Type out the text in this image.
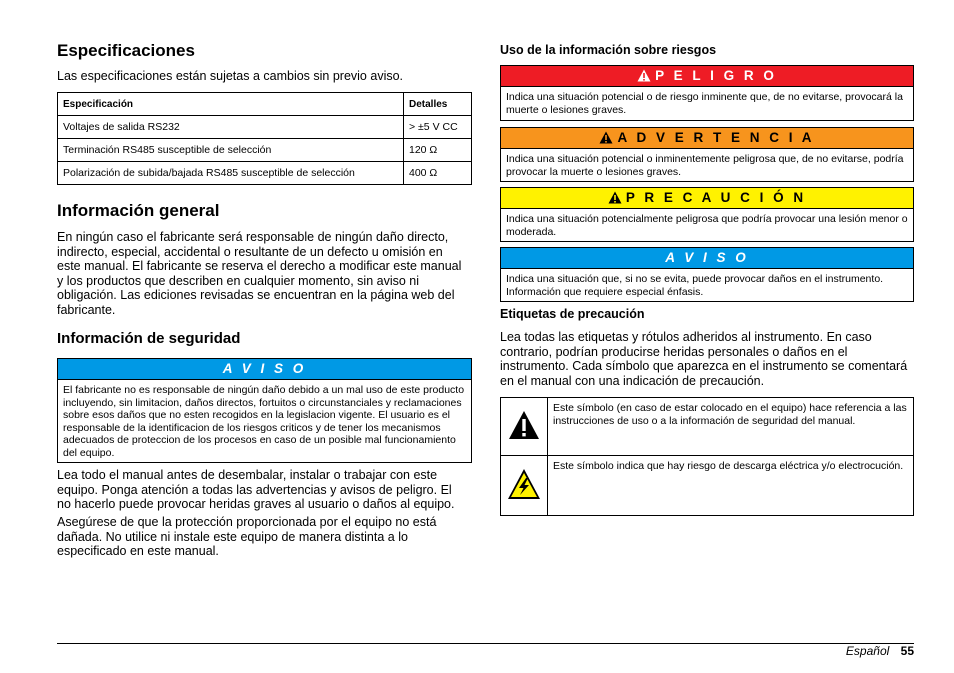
Especificaciones

Las especificaciones están sujetas a cambios sin previo aviso.

Especificación	Detalles
Voltajes de salida RS232	> ±5 V CC
Terminación RS485 susceptible de selección	120 Ω
Polarización de subida/bajada RS485 susceptible de selección	400 Ω
Información general

En ningún caso el fabricante será responsable de ningún daño directo, indirecto, especial, accidental o resultante de un defecto u omisión en este manual. El fabricante se reserva el derecho a modificar este manual y los productos que describen en cualquier momento, sin aviso ni obligación. Las ediciones revisadas se encuentran en la página web del fabricante.

Información de seguridad
A V I S O
El fabricante no es responsable de ningún daño debido a un mal uso de este producto incluyendo, sin limitacion, daños directos, fortuitos o circunstanciales y reclamaciones sobre esos daños que no esten recogidos en la legislacion vigente. El usuario es el responsable de la identificacion de los riesgos criticos y de tener los mecanismos adecuados de proteccion de los procesos en caso de un posible mal funcionamiento del equipo.

Lea todo el manual antes de desembalar, instalar o trabajar con este equipo. Ponga atención a todas las advertencias y avisos de peligro. El no hacerlo puede provocar heridas graves al usuario o daños al equipo.

Asegúrese de que la protección proporcionada por el equipo no está dañada. No utilice ni instale este equipo de manera distinta a lo especificado en este manual.

Uso de la información sobre riesgos
P E L I G R O
Indica una situación potencial o de riesgo inminente que, de no evitarse, provocará la muerte o lesiones graves.
A D V E R T E N C I A
Indica una situación potencial o inminentemente peligrosa que, de no evitarse, podría provocar la muerte o lesiones graves.
P R E C A U C I Ó N
Indica una situación potencialmente peligrosa que podría provocar una lesión menor o moderada.
A V I S O
Indica una situación que, si no se evita, puede provocar daños en el instrumento. Información que requiere especial énfasis.
Etiquetas de precaución

Lea todas las etiquetas y rótulos adheridos al instrumento. En caso contrario, podrían producirse heridas personales o daños en el instrumento. Cada símbolo que aparezca en el instrumento se comentará en el manual con una indicación de precaución.

	Este símbolo (en caso de estar colocado en el equipo) hace referencia a las instrucciones de uso o a la información de seguridad del manual.
	Este símbolo indica que hay riesgo de descarga eléctrica y/o electrocución.
Español 55
